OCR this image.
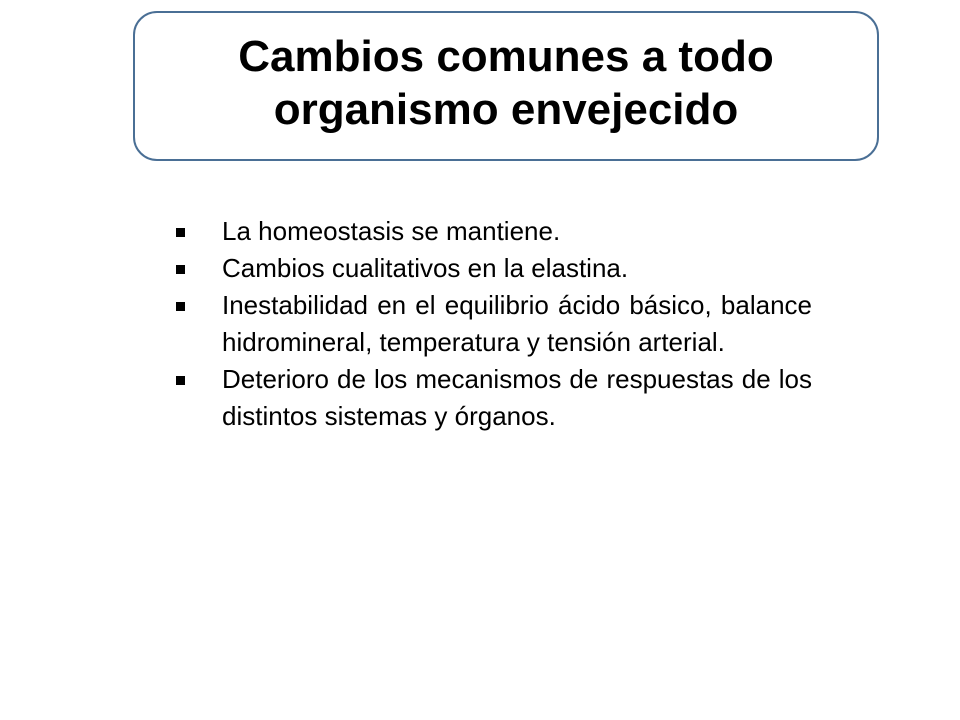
Cambios comunes a todo organismo envejecido
La homeostasis se mantiene.
Cambios cualitativos en la elastina.
Inestabilidad en el equilibrio ácido básico, balance hidromineral, temperatura y tensión arterial.
Deterioro de los mecanismos de respuestas de los distintos sistemas y órganos.
